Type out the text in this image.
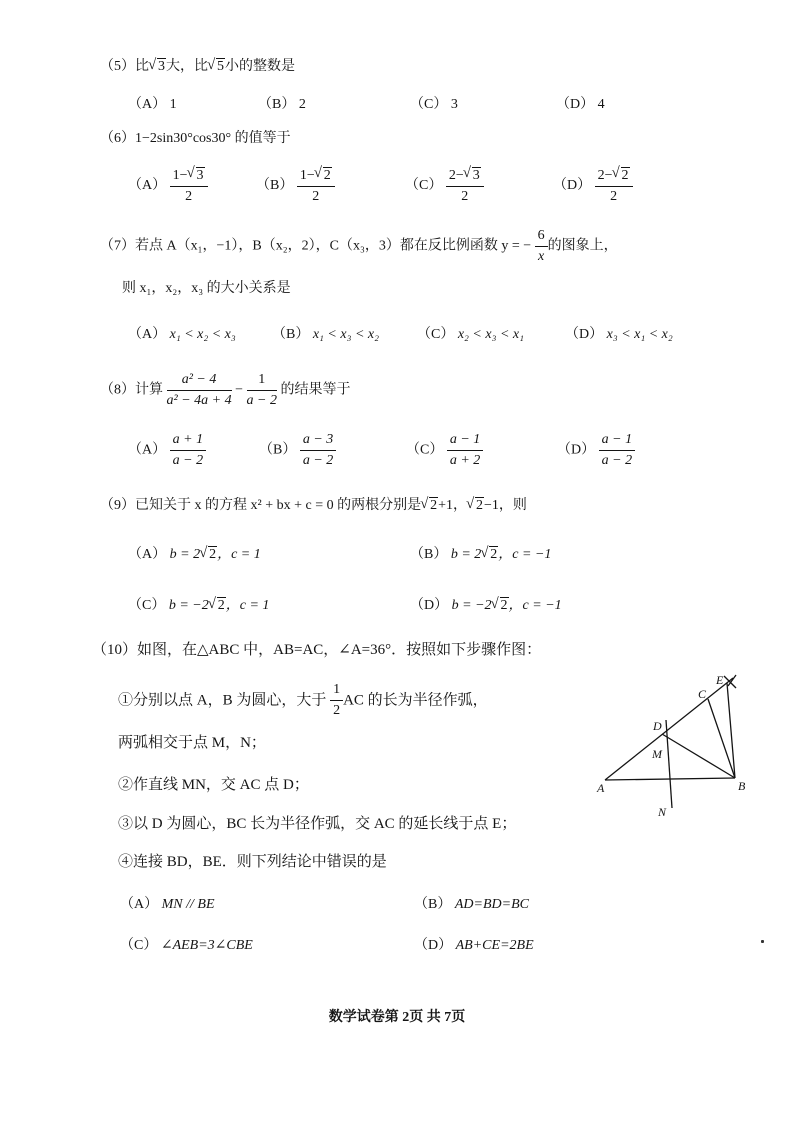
（5）比 √ 3大，比 √ 5小的整数是
（A） 1	（B） 2	（C） 3	（D） 4
（6）1−2sin30°cos30° 的值等于
$(A) \frac{1- √ 3}{2}$	$(B) \frac{1- √ 2}{2}$	$(C) \frac{2- √ 3}{2}$	$(D) \frac{2- √ 2}{2}$
（7）若点 A（x₁，−1），B（x₂，2），C（x₃，3）都在反比例函数 y = − $\frac{6}{x}$ 的图象上，
则 x₁，x₂，x₃ 的大小关系是
（A） x₁ < x₂ < x₃	（B） x₁ < x₃ < x₂	（C） x₂ < x₃ < x₁	（D） x₃ < x₁ < x₂
（8）计算 $\frac{\text{a² − 4}}{\text{a² − 4a + 4}} - \frac{1}{a - 2}$ 的结果等于
$(A) \frac{a + 1}{a - 2}$	$(B) \frac{a - 3}{a - 2}$	$(C) \frac{a - 1}{a + 2}$	$(D) \frac{a - 1}{a - 2}$
（9）已知关于 x 的方程 x² + bx + c = 0 的两根分别是 √ 2+1， √ 2−1，则
（A） b = 2 √ 2，c = 1	（B） b = 2 √ 2，c = −1
（C） b = −2 √ 2，c = 1	（D） b = −2 √ 2，c = −1
（10）如图，在△ABC 中，AB=AC，∠A=36°．按照如下步骤作图：
①分别以点 A，B 为圆心，大于 $\frac{1}{2}$ AC 的长为半径作弧，
两弧相交于点 M，N；
②作直线 MN，交 AC 点 D；
③以 D 为圆心，BC 长为半径作弧，交 AC 的延长线于点 E；
④连接 BD，BE．则下列结论中错误的是
（A） MN // BE	（B） AD=BD=BC
（C） ∠AEB=3∠CBE	（D） AB+CE=2BE
A	B
C
D
E
M
N
数学试卷第 2页 共 7页
